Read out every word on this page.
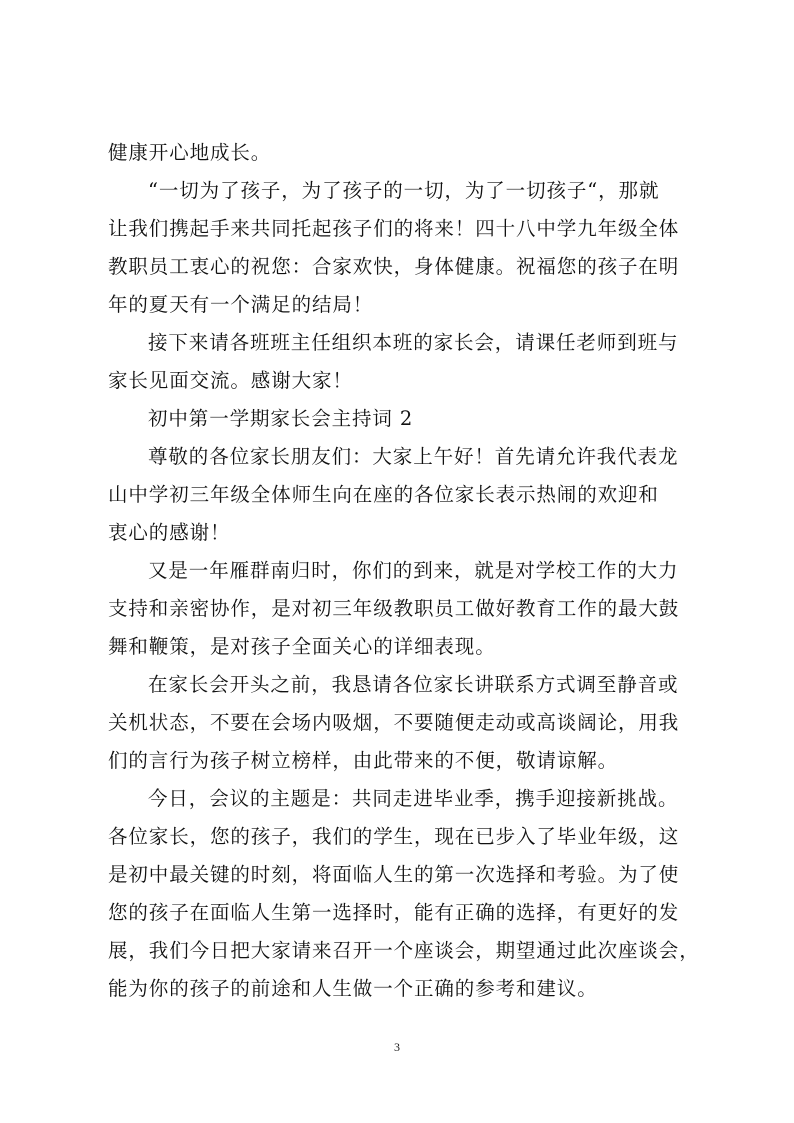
健康开心地成长。
“一切为了孩子，为了孩子的一切，为了一切孩子“，那就
让我们携起手来共同托起孩子们的将来！四十八中学九年级全体
教职员工衷心的祝您：合家欢快，身体健康。祝福您的孩子在明
年的夏天有一个满足的结局！
接下来请各班班主任组织本班的家长会，请课任老师到班与
家长见面交流。感谢大家！
初中第一学期家长会主持词 2
尊敬的各位家长朋友们：大家上午好！首先请允许我代表龙
山中学初三年级全体师生向在座的各位家长表示热闹的欢迎和
衷心的感谢！
又是一年雁群南归时，你们的到来，就是对学校工作的大力
支持和亲密协作，是对初三年级教职员工做好教育工作的最大鼓
舞和鞭策，是对孩子全面关心的详细表现。
在家长会开头之前，我恳请各位家长讲联系方式调至静音或
关机状态，不要在会场内吸烟，不要随便走动或高谈阔论，用我
们的言行为孩子树立榜样，由此带来的不便，敬请谅解。
今日，会议的主题是：共同走进毕业季，携手迎接新挑战。
各位家长，您的孩子，我们的学生，现在已步入了毕业年级，这
是初中最关键的时刻，将面临人生的第一次选择和考验。为了使
您的孩子在面临人生第一选择时，能有正确的选择，有更好的发
展，我们今日把大家请来召开一个座谈会，期望通过此次座谈会，
能为你的孩子的前途和人生做一个正确的参考和建议。
3
